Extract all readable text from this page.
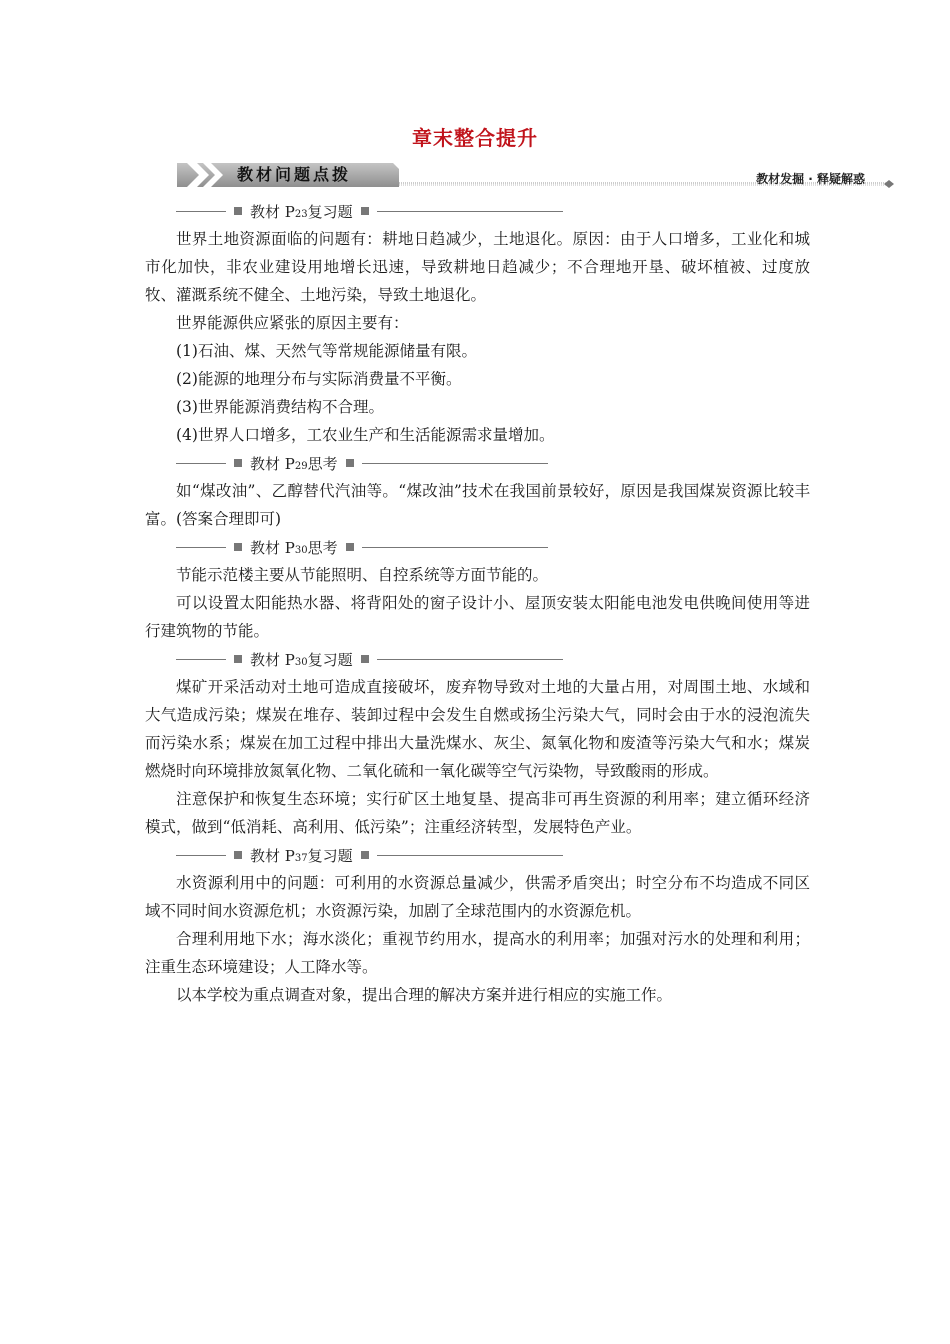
章末整合提升
教材问题点拨	教材发掘 · 释疑解惑
教材 P 23 复习题

世界土地资源面临的问题有：耕地日趋减少，土地退化。原因：由于人口增多，工业化和城市化加快，非农业建设用地增长迅速，导致耕地日趋减少；不合理地开垦、破坏植被、过度放牧、灌溉系统不健全、土地污染，导致土地退化。

世界能源供应紧张的原因主要有：

(1)石油、煤、天然气等常规能源储量有限。

(2)能源的地理分布与实际消费量不平衡。

(3)世界能源消费结构不合理。

(4)世界人口增多，工农业生产和生活能源需求量增加。

教材 P 29 思考

如“煤改油”、乙醇替代汽油等。“煤改油”技术在我国前景较好，原因是我国煤炭资源比较丰富。(答案合理即可)

教材 P 30 思考

节能示范楼主要从节能照明、自控系统等方面节能的。

可以设置太阳能热水器、将背阳处的窗子设计小、屋顶安装太阳能电池发电供晚间使用等进行建筑物的节能。

教材 P 30 复习题

煤矿开采活动对土地可造成直接破坏，废弃物导致对土地的大量占用，对周围土地、水域和大气造成污染；煤炭在堆存、装卸过程中会发生自燃或扬尘污染大气，同时会由于水的浸泡流失而污染水系；煤炭在加工过程中排出大量洗煤水、灰尘、氮氧化物和废渣等污染大气和水；煤炭燃烧时向环境排放氮氧化物、二氧化硫和一氧化碳等空气污染物，导致酸雨的形成。

注意保护和恢复生态环境；实行矿区土地复垦、提高非可再生资源的利用率；建立循环经济模式，做到“低消耗、高利用、低污染”；注重经济转型，发展特色产业。

教材 P 37 复习题

水资源利用中的问题：可利用的水资源总量减少，供需矛盾突出；时空分布不均造成不同区域不同时间水资源危机；水资源污染，加剧了全球范围内的水资源危机。

合理利用地下水；海水淡化；重视节约用水，提高水的利用率；加强对污水的处理和利用；注重生态环境建设；人工降水等。

以本学校为重点调查对象，提出合理的解决方案并进行相应的实施工作。
